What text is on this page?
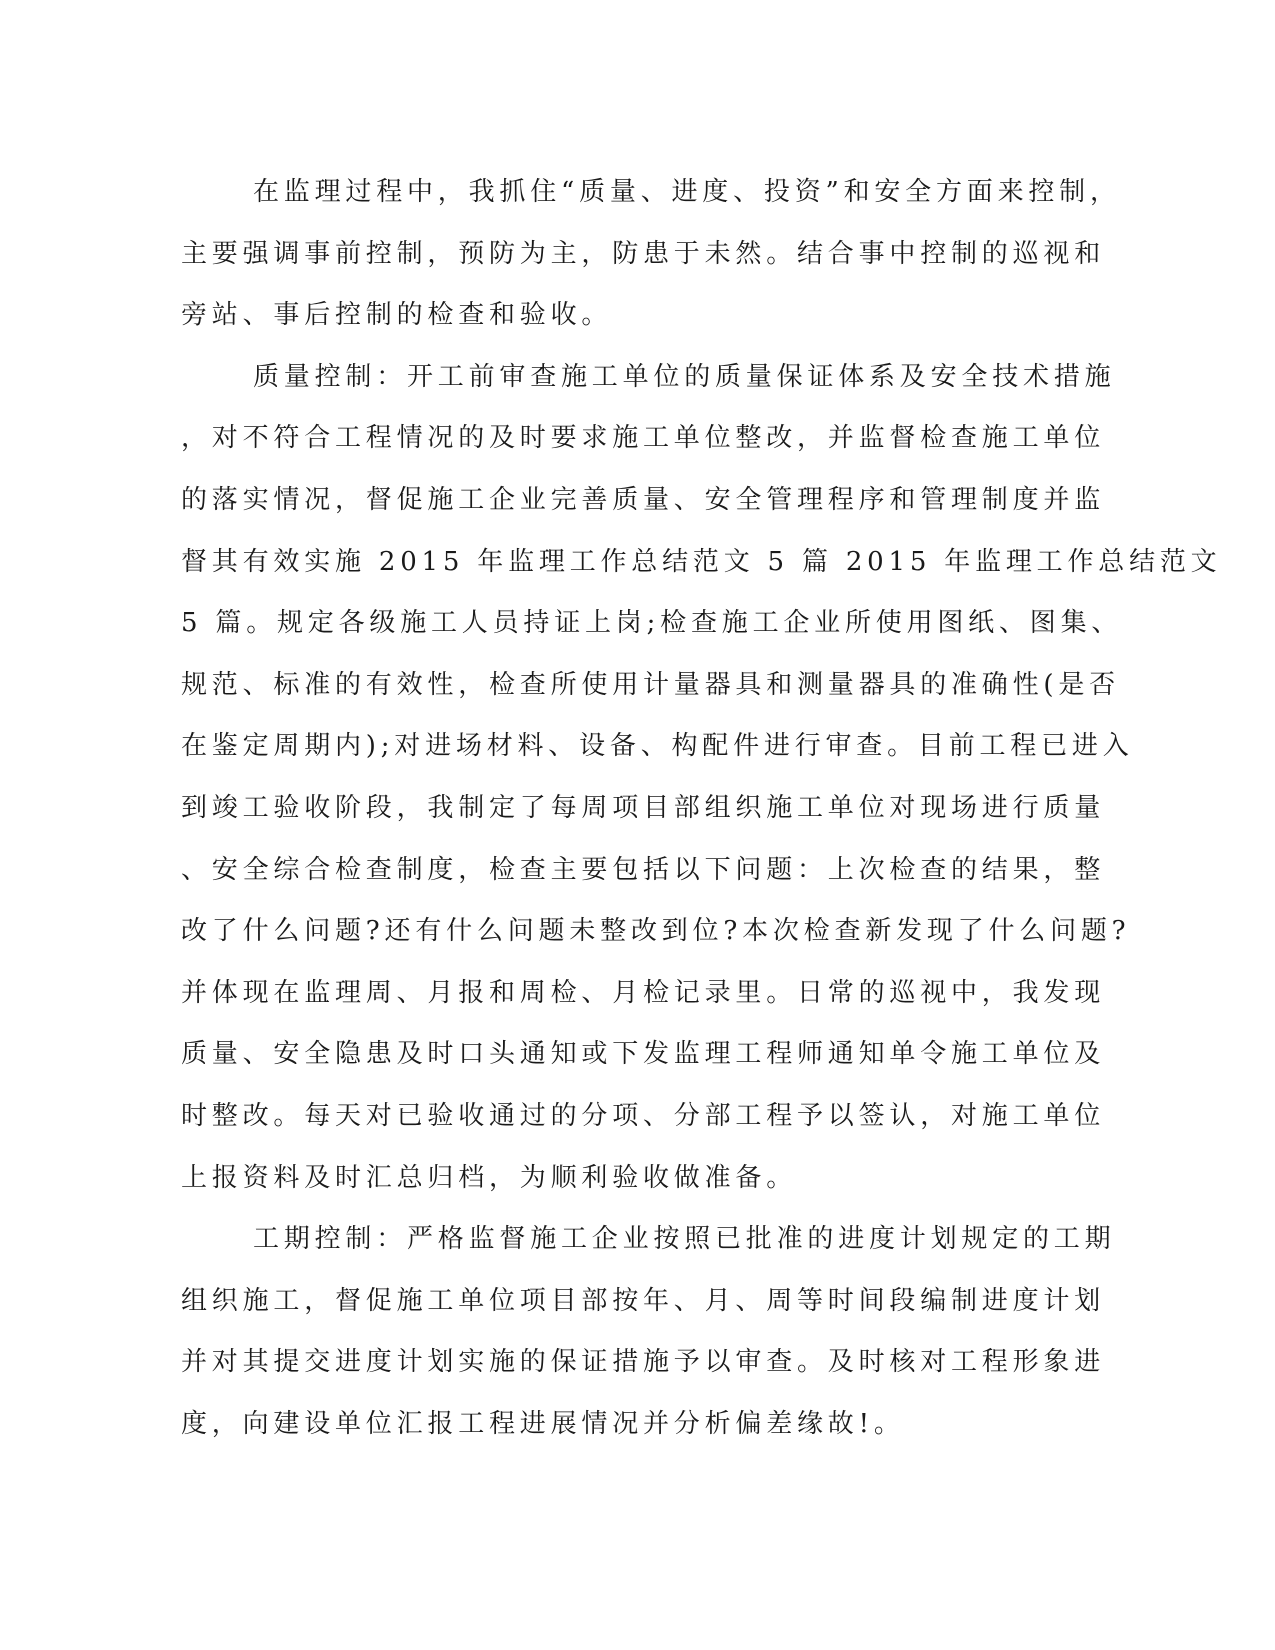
在监理过程中，我抓住“质量、进度、投资”和安全方面来控制，
主要强调事前控制，预防为主，防患于未然。结合事中控制的巡视和
旁站、事后控制的检查和验收。
质量控制：开工前审查施工单位的质量保证体系及安全技术措施
，对不符合工程情况的及时要求施工单位整改，并监督检查施工单位
的落实情况，督促施工企业完善质量、安全管理程序和管理制度并监
督其有效实施 2015 年监理工作总结范文 5 篇 2015 年监理工作总结范文
5 篇。规定各级施工人员持证上岗;检查施工企业所使用图纸、图集、
规范、标准的有效性，检查所使用计量器具和测量器具的准确性(是否
在鉴定周期内);对进场材料、设备、构配件进行审查。目前工程已进入
到竣工验收阶段，我制定了每周项目部组织施工单位对现场进行质量
、安全综合检查制度，检查主要包括以下问题：上次检查的结果，整
改了什么问题?还有什么问题未整改到位?本次检查新发现了什么问题?
并体现在监理周、月报和周检、月检记录里。日常的巡视中，我发现
质量、安全隐患及时口头通知或下发监理工程师通知单令施工单位及
时整改。每天对已验收通过的分项、分部工程予以签认，对施工单位
上报资料及时汇总归档，为顺利验收做准备。
工期控制：严格监督施工企业按照已批准的进度计划规定的工期
组织施工，督促施工单位项目部按年、月、周等时间段编制进度计划
并对其提交进度计划实施的保证措施予以审查。及时核对工程形象进
度，向建设单位汇报工程进展情况并分析偏差缘故!。
